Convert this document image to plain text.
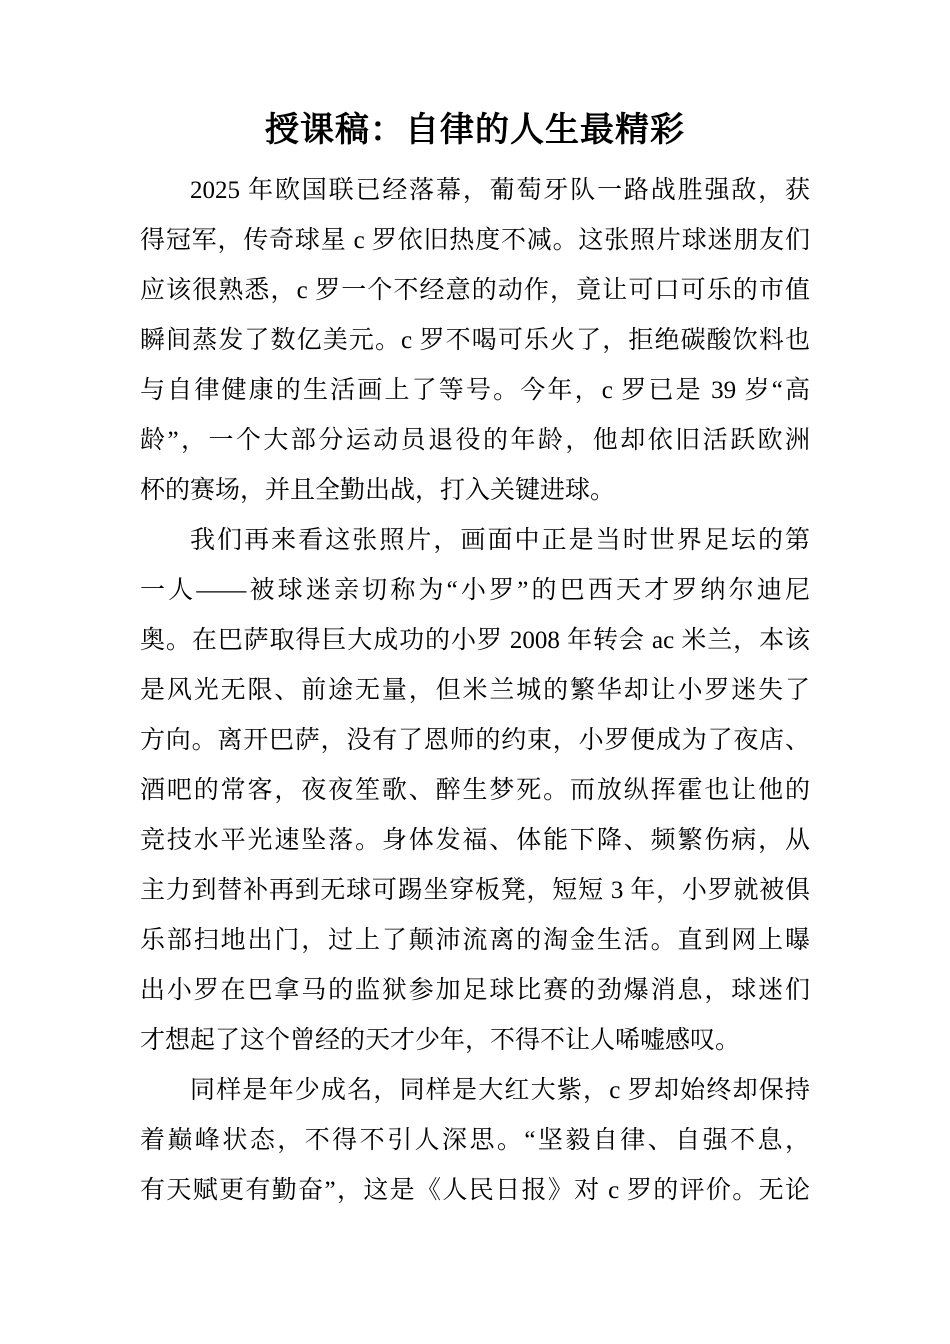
授课稿：自律的人生最精彩
2025 年欧国联已经落幕，葡萄牙队一路战胜强敌，获
得冠军，传奇球星 c 罗依旧热度不减。这张照片球迷朋友们
应该很熟悉，c 罗一个不经意的动作，竟让可口可乐的市值
瞬间蒸发了数亿美元。c 罗不喝可乐火了，拒绝碳酸饮料也
与自律健康的生活画上了等号。今年，c 罗已是 39 岁“高
龄”，一个大部分运动员退役的年龄，他却依旧活跃欧洲
杯的赛场，并且全勤出战，打入关键进球。
我们再来看这张照片，画面中正是当时世界足坛的第
一人——被球迷亲切称为“小罗”的巴西天才罗纳尔迪尼
奥。在巴萨取得巨大成功的小罗 2008 年转会 ac 米兰，本该
是风光无限、前途无量，但米兰城的繁华却让小罗迷失了
方向。离开巴萨，没有了恩师的约束，小罗便成为了夜店、
酒吧的常客，夜夜笙歌、醉生梦死。而放纵挥霍也让他的
竞技水平光速坠落。身体发福、体能下降、频繁伤病，从
主力到替补再到无球可踢坐穿板凳，短短 3 年，小罗就被俱
乐部扫地出门，过上了颠沛流离的淘金生活。直到网上曝
出小罗在巴拿马的监狱参加足球比赛的劲爆消息，球迷们
才想起了这个曾经的天才少年，不得不让人唏嘘感叹。
同样是年少成名，同样是大红大紫，c 罗却始终却保持
着巅峰状态，不得不引人深思。“坚毅自律、自强不息，
有天赋更有勤奋”，这是《人民日报》对 c 罗的评价。无论
